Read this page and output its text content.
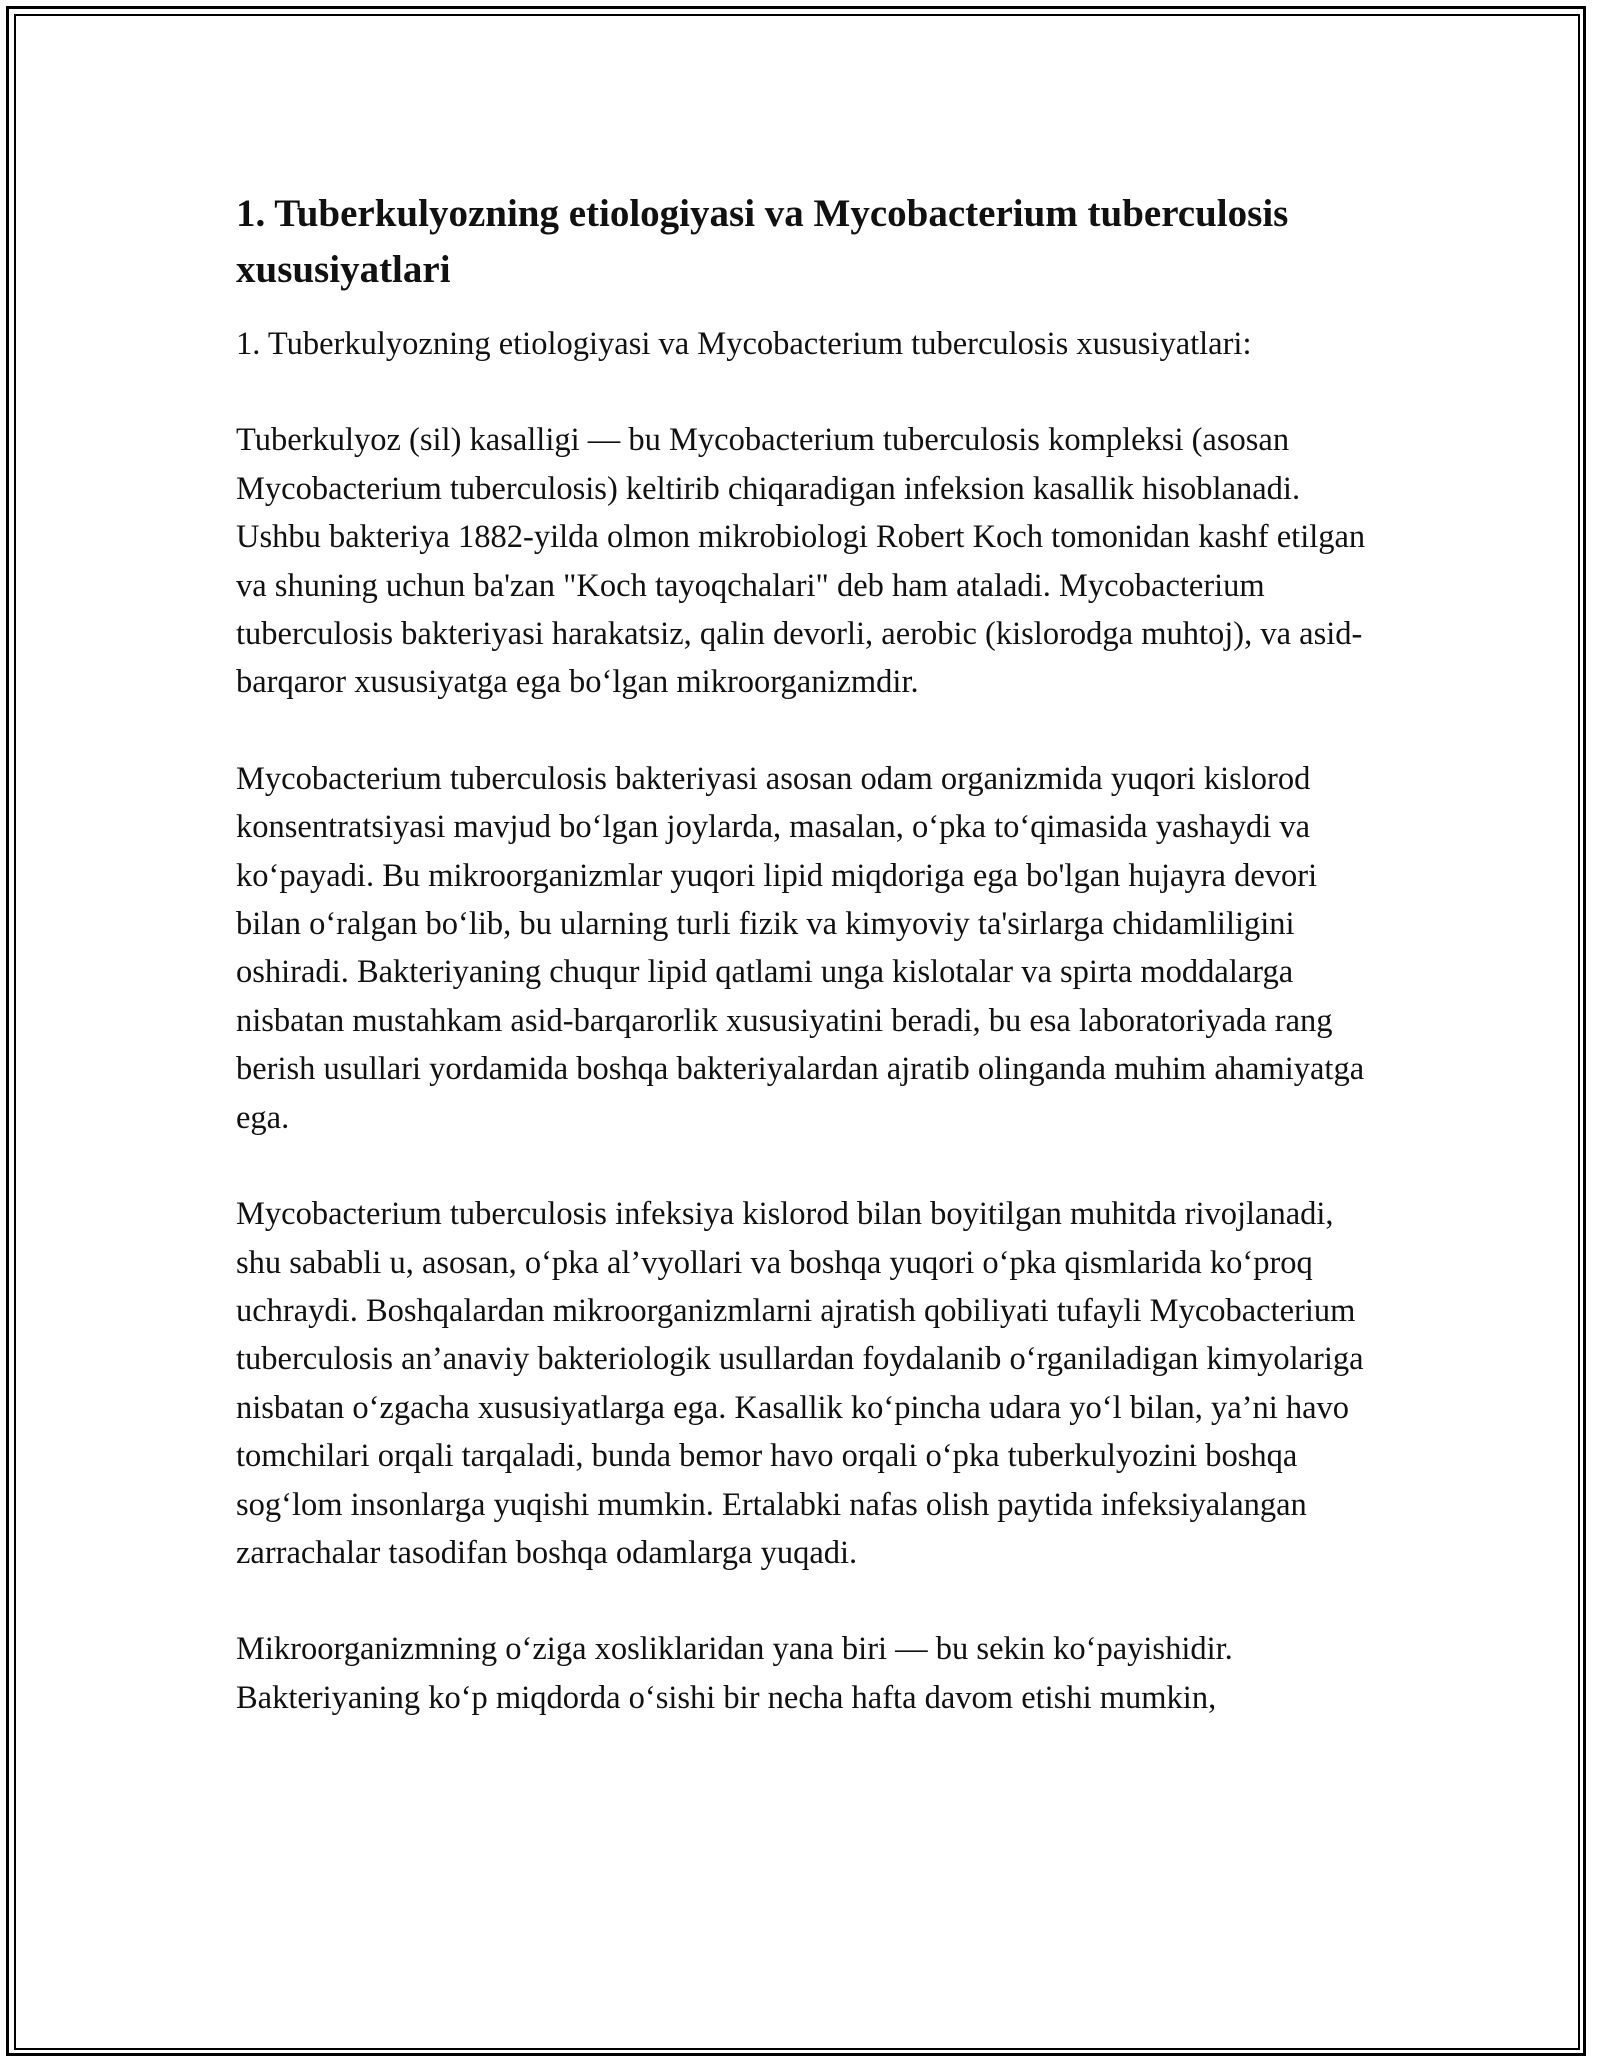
1. Tuberkulyozning etiologiyasi va Mycobacterium tuberculosis xususiyatlari

1. Tuberkulyozning etiologiyasi va Mycobacterium tuberculosis xususiyatlari:

Tuberkulyoz (sil) kasalligi — bu Mycobacterium tuberculosis kompleksi (asosan Mycobacterium tuberculosis) keltirib chiqaradigan infeksion kasallik hisoblanadi. Ushbu bakteriya 1882-yilda olmon mikrobiologi Robert Koch tomonidan kashf etilgan va shuning uchun ba'zan "Koch tayoqchalari" deb ham ataladi. Mycobacterium tuberculosis bakteriyasi harakatsiz, qalin devorli, aerobic (kislorodga muhtoj), va asid-barqaror xususiyatga ega boʻlgan mikroorganizmdir.

Mycobacterium tuberculosis bakteriyasi asosan odam organizmida yuqori kislorod konsentratsiyasi mavjud boʻlgan joylarda, masalan, oʻpka toʻqimasida yashaydi va koʻpayadi. Bu mikroorganizmlar yuqori lipid miqdoriga ega bo'lgan hujayra devori bilan oʻralgan boʻlib, bu ularning turli fizik va kimyoviy ta'sirlarga chidamliligini oshiradi. Bakteriyaning chuqur lipid qatlami unga kislotalar va spirta moddalarga nisbatan mustahkam asid-barqarorlik xususiyatini beradi, bu esa laboratoriyada rang berish usullari yordamida boshqa bakteriyalardan ajratib olinganda muhim ahamiyatga ega.

Mycobacterium tuberculosis infeksiya kislorod bilan boyitilgan muhitda rivojlanadi, shu sababli u, asosan, oʻpka al’vyollari va boshqa yuqori oʻpka qismlarida koʻproq uchraydi. Boshqalardan mikroorganizmlarni ajratish qobiliyati tufayli Mycobacterium tuberculosis an’anaviy bakteriologik usullardan foydalanib oʻrganiladigan kimyolariga nisbatan oʻzgacha xususiyatlarga ega. Kasallik koʻpincha udara yoʻl bilan, ya’ni havo tomchilari orqali tarqaladi, bunda bemor havo orqali oʻpka tuberkulyozini boshqa sogʻlom insonlarga yuqishi mumkin. Ertalabki nafas olish paytida infeksiyalangan zarrachalar tasodifan boshqa odamlarga yuqadi.

Mikroorganizmning oʻziga xosliklaridan yana biri — bu sekin koʻpayishidir. Bakteriyaning koʻp miqdorda oʻsishi bir necha hafta davom etishi mumkin,
